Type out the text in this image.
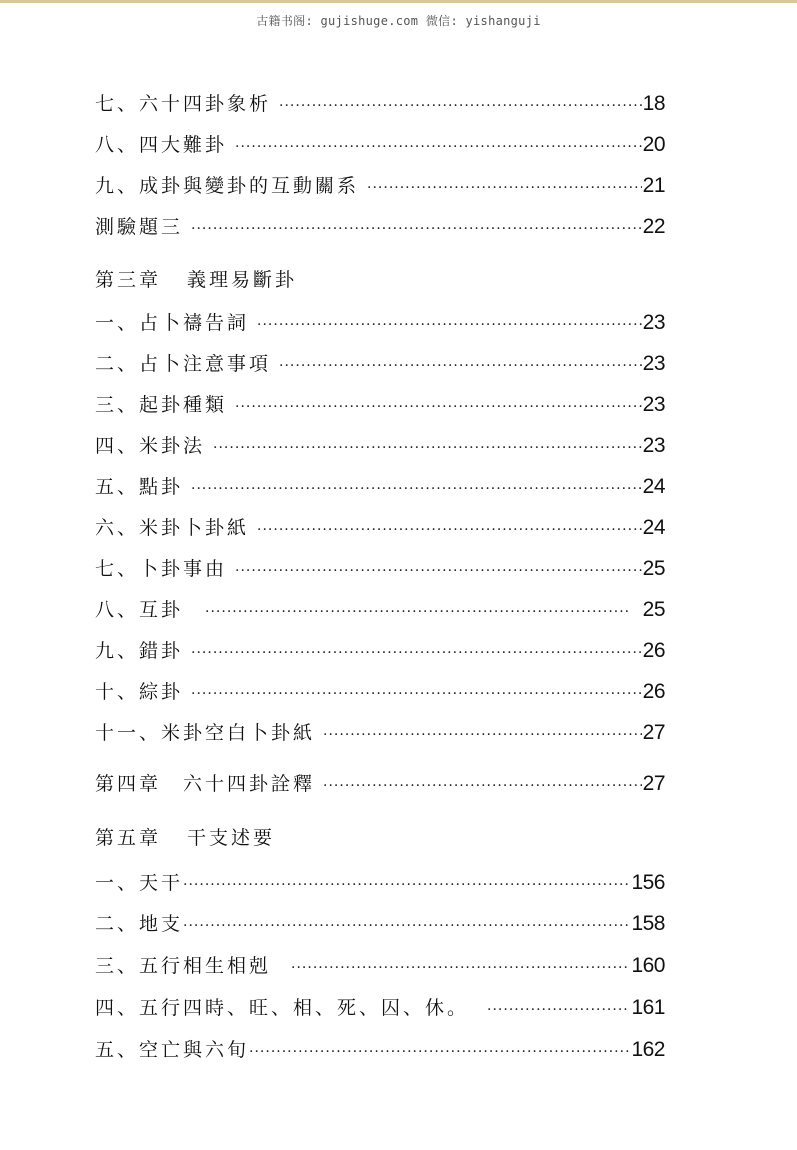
古籍书阁: gujishuge.com 微信: yishanguji
七、六十四卦象析 ·····	18
八、四大難卦 ·····	20
九、成卦與變卦的互動關系 ·····	21
測驗題三 ·····	22
第三章	義理易斷卦
一、占卜禱告詞 ·····	23
二、占卜注意事項 ·····	23
三、起卦種類 ·····	23
四、米卦法 ·····	23
五、點卦 ·····	24
六、米卦卜卦紙 ·····	24
七、卜卦事由 ·····	25
八、互卦 ·····	25
九、錯卦 ·····	26
十、綜卦 ·····	26
十一、米卦空白卜卦紙 ·····	27
第四章　六十四卦詮釋 ·····	27
第五章	干支述要
一、天干 ·····	156
二、地支 ·····	158
三、五行相生相剋 ·····	160
四、五行四時、旺、相、死、囚、休。 ·····	161
五、空亡與六旬 ·····	162
